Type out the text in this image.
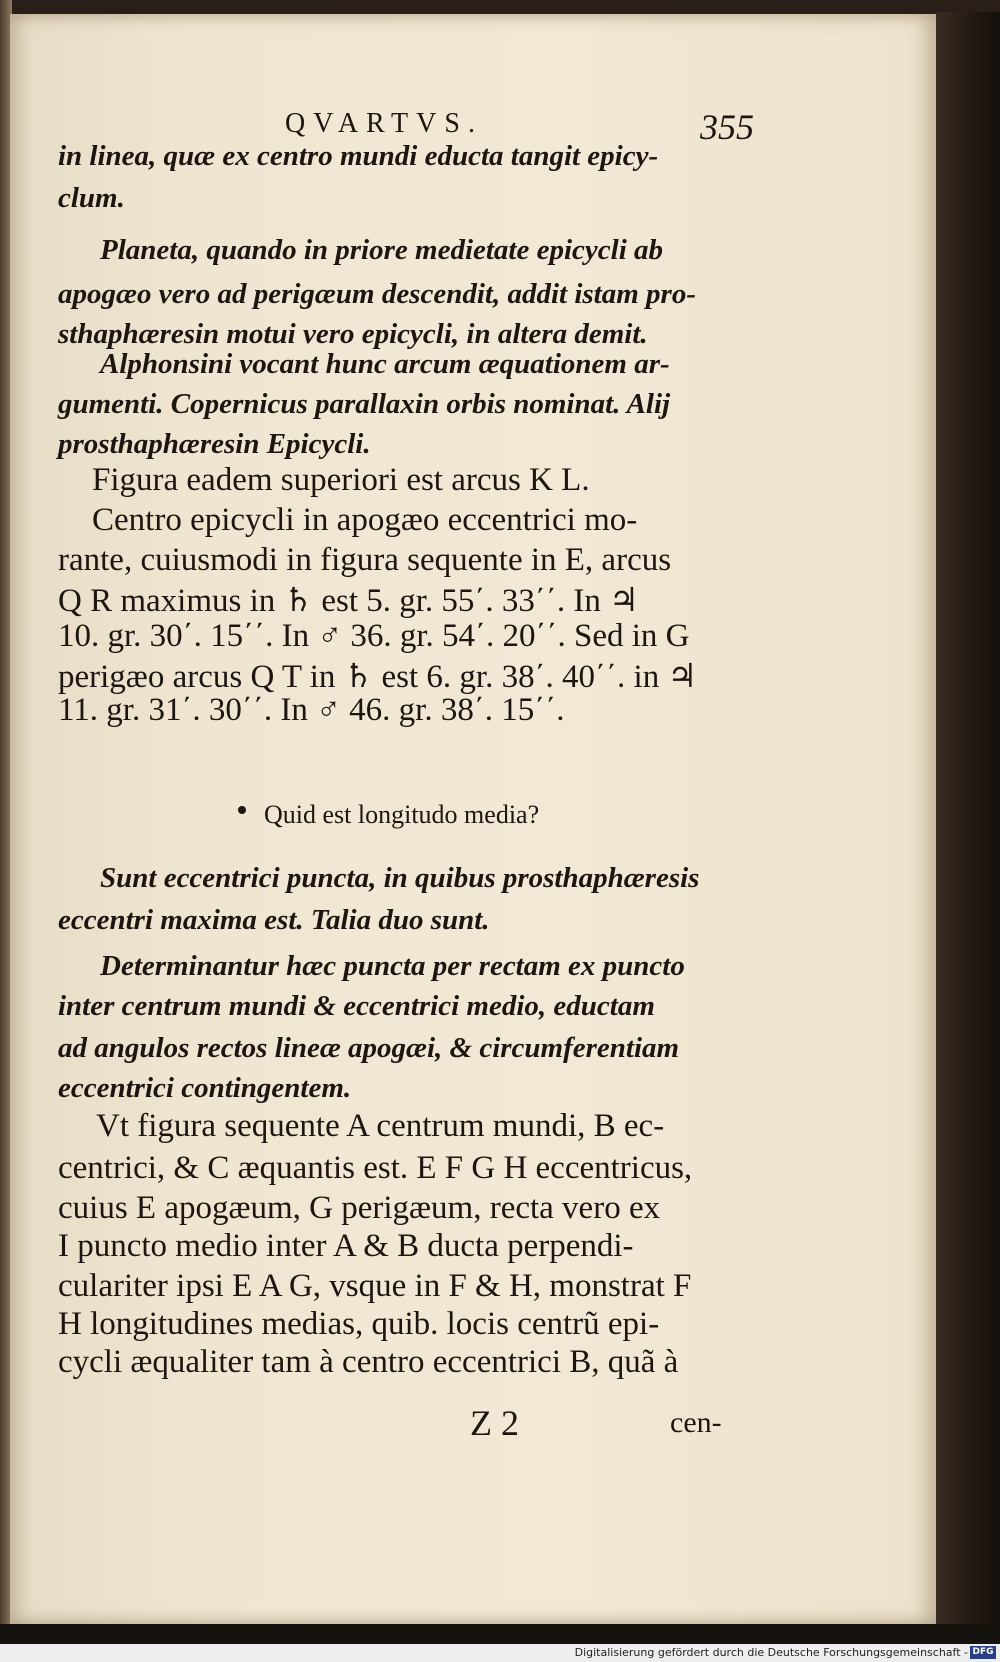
QVARTVS.	355
in linea, quæ ex centro mundi educta tangit epicy-
clum.
Planeta, quando in priore medietate epicycli ab
apogæo vero ad perigæum descendit, addit istam pro-
sthaphæresin motui vero epicycli, in altera demit.
Alphonsini vocant hunc arcum æquationem ar-
gumenti. Copernicus parallaxin orbis nominat. Alij
prosthaphæresin Epicycli.
Figura eadem superiori est arcus K L.
Centro epicycli in apogæo eccentrici mo-
rante, cuiusmodi in figura sequente in E, arcus
Q R maximus in ♄ est 5. gr. 55΄. 33΄΄. In ♃
10. gr. 30΄. 15΄΄. In ♂ 36. gr. 54΄. 20΄΄. Sed in G
perigæo arcus Q T in ♄ est 6. gr. 38΄. 40΄΄. in ♃
11. gr. 31΄. 30΄΄. In ♂ 46. gr. 38΄. 15΄΄.
Quid est longitudo media?
Sunt eccentrici puncta, in quibus prosthaphæresis
eccentri maxima est. Talia duo sunt.
Determinantur hæc puncta per rectam ex puncto
inter centrum mundi & eccentrici medio, eductam
ad angulos rectos lineæ apogæi, & circumferentiam
eccentrici contingentem.
Vt figura sequente A centrum mundi, B ec-
centrici, & C æquantis est. E F G H eccentricus,
cuius E apogæum, G perigæum, recta vero ex
I puncto medio inter A & B ducta perpendi-
culariter ipsi E A G, vsque in F & H, monstrat F
H longitudines medias, quib. locis centrũ epi-
cycli æqualiter tam à centro eccentrici B, quã à
Z 2	cen-
Digitalisierung gefördert durch die Deutsche Forschungsgemeinschaft - DFG
